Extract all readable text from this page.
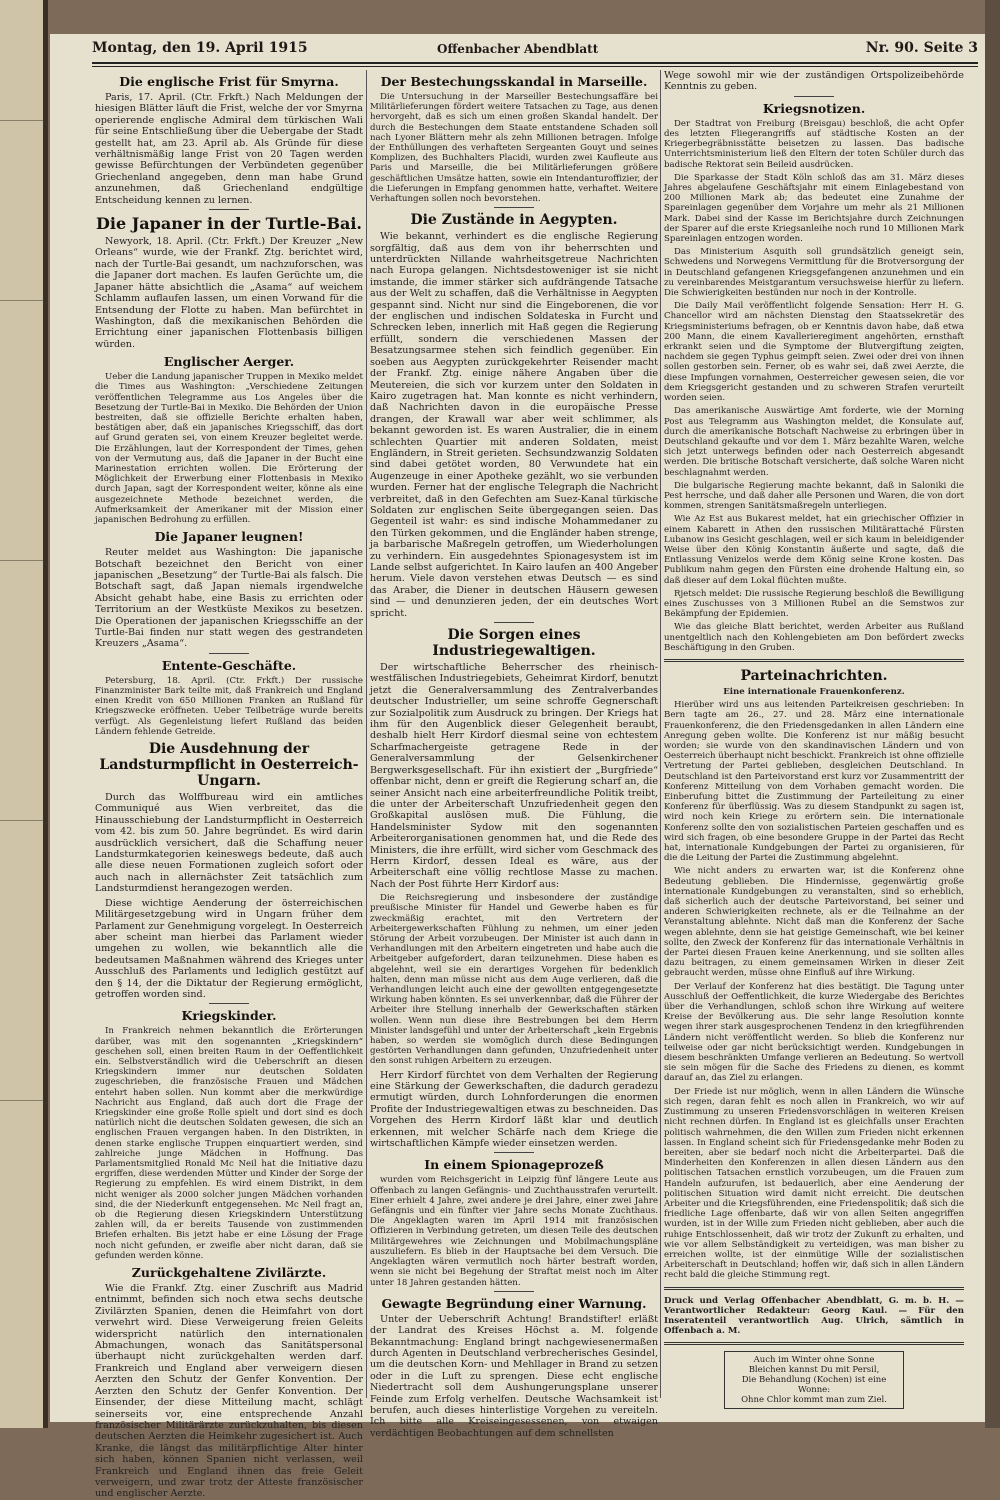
Montag, den 19. April 1915	Offenbacher Abendblatt	Nr. 90. Seite 3
Die englische Frist für Smyrna.

Paris, 17. April. (Ctr. Frkft.) Nach Meldungen der hiesigen Blätter läuft die Frist, welche der vor Smyrna operierende englische Admiral dem türkischen Wali für seine Entschließung über die Uebergabe der Stadt gestellt hat, am 23. April ab. Als Gründe für diese verhältnismäßig lange Frist von 20 Tagen werden gewisse Befürchtungen der Verbündeten gegenüber Griechenland angegeben, denn man habe Grund anzunehmen, daß Griechenland endgültige Entscheidung kennen zu lernen.

Die Japaner in der Turtle-Bai.

Newyork, 18. April. (Ctr. Frkft.) Der Kreuzer „New Orleans“ wurde, wie der Frankf. Ztg. berichtet wird, nach der Turtle-Bai gesandt, um nachzuforschen, was die Japaner dort machen. Es laufen Gerüchte um, die Japaner hätte absichtlich die „Asama“ auf weichem Schlamm auflaufen lassen, um einen Vorwand für die Entsendung der Flotte zu haben. Man befürchtet in Washington, daß die mexikanischen Behörden die Errichtung einer japanischen Flottenbasis billigen würden.

Englischer Aerger.

Ueber die Landung japanischer Truppen in Mexiko meldet die Times aus Washington: „Verschiedene Zeitungen veröffentlichen Telegramme aus Los Angeles über die Besetzung der Turtle-Bai in Mexiko. Die Behörden der Union bestreiten, daß sie offizielle Berichte erhalten haben, bestätigen aber, daß ein japanisches Kriegsschiff, das dort auf Grund geraten sei, von einem Kreuzer begleitet werde. Die Erzählungen, laut der Korrespondent der Times, gehen von der Vermutung aus, daß die Japaner in der Bucht eine Marinestation errichten wollen. Die Erörterung der Möglichkeit der Erwerbung einer Flottenbasis in Mexiko durch Japan, sagt der Korrespondent weiter, könne als eine ausgezeichnete Methode bezeichnet werden, die Aufmerksamkeit der Amerikaner mit der Mission einer japanischen Bedrohung zu erfüllen.

Die Japaner leugnen!

Reuter meldet aus Washington: Die japanische Botschaft bezeichnet den Bericht von einer japanischen „Besetzung“ der Turtle-Bai als falsch. Die Botschaft sagt, daß Japan niemals irgendwelche Absicht gehabt habe, eine Basis zu errichten oder Territorium an der Westküste Mexikos zu besetzen. Die Operationen der japanischen Kriegsschiffe an der Turtle-Bai finden nur statt wegen des gestrandeten Kreuzers „Asama“.

Entente-Geschäfte.

Petersburg, 18. April. (Ctr. Frkft.) Der russische Finanzminister Bark teilte mit, daß Frankreich und England einen Kredit von 650 Millionen Franken an Rußland für Kriegszwecke eröffneten. Ueber Teilbeträge wurde bereits verfügt. Als Gegenleistung liefert Rußland das beiden Ländern fehlende Getreide.

Die Ausdehnung der Landsturmpflicht in Oesterreich-Ungarn.

Durch das Wolffbureau wird ein amtliches Communiqué aus Wien verbreitet, das die Hinausschiebung der Landsturmpflicht in Oesterreich vom 42. bis zum 50. Jahre begründet. Es wird darin ausdrücklich versichert, daß die Schaffung neuer Landsturmkategorien keineswegs bedeute, daß auch alle diese neuen Formationen zugleich sofort oder auch nach in allernächster Zeit tatsächlich zum Landsturmdienst herangezogen werden.

Diese wichtige Aenderung der österreichischen Militärgesetzgebung wird in Ungarn früher dem Parlament zur Genehmigung vorgelegt. In Oesterreich aber scheint man hierbei das Parlament wieder umgehen zu wollen, wie bekanntlich alle die bedeutsamen Maßnahmen während des Krieges unter Ausschluß des Parlaments und lediglich gestützt auf den § 14, der die Diktatur der Regierung ermöglicht, getroffen worden sind.

Kriegskinder.

In Frankreich nehmen bekanntlich die Erörterungen darüber, was mit den sogenannten „Kriegskindern“ geschehen soll, einen breiten Raum in der Oeffentlichkeit ein. Selbstverständlich wird die Ueberschrift an diesen Kriegskindern immer nur deutschen Soldaten zugeschrieben, die französische Frauen und Mädchen entehrt haben sollen. Nun kommt aber die merkwürdige Nachricht aus England, daß auch dort die Frage der Kriegskinder eine große Rolle spielt und dort sind es doch natürlich nicht die deutschen Soldaten gewesen, die sich an englischen Frauen vergangen haben. In den Distrikten, in denen starke englische Truppen einquartiert werden, sind zahlreiche junge Mädchen in Hoffnung. Das Parlamentsmitglied Ronald Mc Neil hat die Initiative dazu ergriffen, diese werdenden Mütter und Kinder der Sorge der Regierung zu empfehlen. Es wird einem Distrikt, in dem nicht weniger als 2000 solcher jungen Mädchen vorhanden sind, die der Niederkunft entgegensehen. Mc Neil fragt an, ob die Regierung diesen Kriegskindern Unterstützung zahlen will, da er bereits Tausende von zustimmenden Briefen erhalten. Bis jetzt habe er eine Lösung der Frage noch nicht gefunden, er zweifle aber nicht daran, daß sie gefunden werden könne.

Zurückgehaltene Zivilärzte.

Wie die Frankf. Ztg. einer Zuschrift aus Madrid entnimmt, befinden sich noch etwa sechs deutsche Zivilärzten Spanien, denen die Heimfahrt von dort verwehrt wird. Diese Verweigerung freien Geleits widerspricht natürlich den internationalen Abmachungen, wonach das Sanitätspersonal überhaupt nicht zurückgehalten werden darf. Frankreich und England aber verweigern diesen Aerzten den Schutz der Genfer Konvention. Der Aerzten den Schutz der Genfer Konvention. Der Einsender, der diese Mitteilung macht, schlägt seinerseits vor, eine entsprechende Anzahl französischer Militärärzte zurückzuhalten, bis diesen deutschen Aerzten die Heimkehr zugesichert ist. Auch Kranke, die längst das militärpflichtige Alter hinter sich haben, können Spanien nicht verlassen, weil Frankreich und England ihnen das freie Geleit verweigern, und zwar trotz der Atteste französischer und englischer Aerzte.

Der Bestechungsskandal in Marseille.

Die Untersuchung in der Marseiller Bestechungsaffäre bei Militärlieferungen fördert weitere Tatsachen zu Tage, aus denen hervorgeht, daß es sich um einen großen Skandal handelt. Der durch die Bestechungen dem Staate entstandene Schaden soll nach Lyoner Blättern mehr als zehn Millionen betragen. Infolge der Enthüllungen des verhafteten Sergeanten Gouyt und seines Komplizen, des Buchhalters Placidi, wurden zwei Kaufleute aus Paris und Marseille, die bei Militärlieferungen größere geschäftlichen Umsätze hatten, sowie ein Intendanturoffizier, der die Lieferungen in Empfang genommen hatte, verhaftet. Weitere Verhaftungen sollen noch bevorstehen.

Die Zustände in Aegypten.

Wie bekannt, verhindert es die englische Regierung sorgfältig, daß aus dem von ihr beherrschten und unterdrückten Nillande wahrheitsgetreue Nachrichten nach Europa gelangen. Nichtsdestoweniger ist sie nicht imstande, die immer stärker sich aufdrängende Tatsache aus der Welt zu schaffen, daß die Verhältnisse in Aegypten gespannt sind. Nicht nur sind die Eingeborenen, die vor der englischen und indischen Soldateska in Furcht und Schrecken leben, innerlich mit Haß gegen die Regierung erfüllt, sondern die verschiedenen Massen der Besatzungsarmee stehen sich feindlich gegenüber. Ein soeben aus Aegypten zurückgekehrter Reisender macht der Frankf. Ztg. einige nähere Angaben über die Meutereien, die sich vor kurzem unter den Soldaten in Kairo zugetragen hat. Man konnte es nicht verhindern, daß Nachrichten davon in die europäische Presse drangen, der Krawall war aber weit schlimmer, als bekannt geworden ist. Es waren Australier, die in einem schlechten Quartier mit anderen Soldaten, meist Engländern, in Streit gerieten. Sechsundzwanzig Soldaten sind dabei getötet worden, 80 Verwundete hat ein Augenzeuge in einer Apotheke gezählt, wo sie verbunden wurden. Ferner hat der englische Telegraph die Nachricht verbreitet, daß in den Gefechten am Suez-Kanal türkische Soldaten zur englischen Seite übergegangen seien. Das Gegenteil ist wahr: es sind indische Mohammedaner zu den Türken gekommen, und die Engländer haben strenge, ja barbarische Maßregeln getroffen, um Wiederholungen zu verhindern. Ein ausgedehntes Spionagesystem ist im Lande selbst aufgerichtet. In Kairo laufen an 400 Angeber herum. Viele davon verstehen etwas Deutsch — es sind das Araber, die Diener in deutschen Häusern gewesen sind — und denunzieren jeden, der ein deutsches Wort spricht.

Die Sorgen eines Industriegewaltigen.

Der wirtschaftliche Beherrscher des rheinisch-westfälischen Industriegebiets, Geheimrat Kirdorf, benutzt jetzt die Generalversammlung des Zentralverbandes deutscher Industrieller, um seine schroffe Gegnerschaft zur Sozialpolitik zum Ausdruck zu bringen. Der Kriegs hat ihm für den Augenblick dieser Gelegenheit beraubt, deshalb hielt Herr Kirdorf diesmal seine von echtestem Scharfmachergeiste getragene Rede in der Generalversammlung der Gelsenkirchener Bergwerksgesellschaft. Für ihn existiert der „Burgfriede“ offenbar nicht, denn er greift die Regierung scharf an, die seiner Ansicht nach eine arbeiterfreundliche Politik treibt, die unter der Arbeiterschaft Unzufriedenheit gegen den Großkapital auslösen muß. Die Fühlung, die Handelsminister Sydow mit den sogenannten Arbeiterorganisationen genommen hat, und die Rede des Ministers, die ihre erfüllt, wird sicher vom Geschmack des Herrn Kirdorf, dessen Ideal es wäre, aus der Arbeiterschaft eine völlig rechtlose Masse zu machen. Nach der Post führte Herr Kirdorf aus:

Die Reichsregierung und insbesondere der zuständige preußische Minister für Handel und Gewerbe haben es für zweckmäßig erachtet, mit den Vertretern der Arbeitergewerkschaften Fühlung zu nehmen, um einer jeden Störung der Arbeit vorzubeugen. Der Minister ist auch dann in Verhandlungen mit den Arbeitern eingetreten und habe auch die Arbeitgeber aufgefordert, daran teilzunehmen. Diese haben es abgelehnt, weil sie ein derartiges Vorgehen für bedenklich halten, denn man müsse nicht aus dem Auge verlieren, daß die Verhandlungen leicht auch eine der gewollten entgegengesetzte Wirkung haben könnten. Es sei unverkennbar, daß die Führer der Arbeiter ihre Stellung innerhalb der Gewerkschaften stärken wollen. Wenn nun diese ihre Bestrebungen bei dem Herrn Minister landsgefühl und unter der Arbeiterschaft „kein Ergebnis haben, so werden sie womöglich durch diese Bedingungen gestörten Verhandlungen dann gefunden, Unzufriedenheit unter den sonst ruhigen Arbeitern zu erzeugen.

Herr Kirdorf fürchtet von dem Verhalten der Regierung eine Stärkung der Gewerkschaften, die dadurch geradezu ermutigt würden, durch Lohnforderungen die enormen Profite der Industriegewaltigen etwas zu beschneiden. Das Vorgehen des Herrn Kirdorf läßt klar und deutlich erkennen, mit welcher Schärfe nach dem Kriege die wirtschaftlichen Kämpfe wieder einsetzen werden.

In einem Spionageprozeß

wurden vom Reichsgericht in Leipzig fünf längere Leute aus Offenbach zu langen Gefängnis- und Zuchthausstrafen verurteilt. Einer erhielt 4 Jahre, zwei andere je drei Jahre, einer zwei Jahre Gefängnis und ein fünfter vier Jahre sechs Monate Zuchthaus. Die Angeklagten waren im April 1914 mit französischen Offizieren in Verbindung getreten, um diesen Teile des deutschen Militärgewehres wie Zeichnungen und Mobilmachungspläne auszuliefern. Es blieb in der Hauptsache bei dem Versuch. Die Angeklagten wären vermutlich noch härter bestraft worden, wenn sie nicht bei Begehung der Straftat meist noch im Alter unter 18 Jahren gestanden hätten.

Gewagte Begründung einer Warnung.

Unter der Ueberschrift Achtung! Brandstifter! erläßt der Landrat des Kreises Höchst a. M. folgende Bekanntmachung: England bringt nachgewiesenermaßen durch Agenten in Deutschland verbrecherisches Gesindel, um die deutschen Korn- und Mehllager in Brand zu setzen oder in die Luft zu sprengen. Diese echt englische Niedertracht soll dem Aushungerungsplane unserer Feinde zum Erfolg verhelfen. Deutsche Wachsamkeit ist berufen, auch dieses hinterlistige Vorgehen zu vereiteln. Ich bitte alle Kreiseingesessenen, von etwaigen verdächtigen Beobachtungen auf dem schnellsten

Wege sowohl mir wie der zuständigen Ortspolizeibehörde Kenntnis zu geben.

Kriegsnotizen.

Der Stadtrat von Freiburg (Breisgau) beschloß, die acht Opfer des letzten Fliegerangriffs auf städtische Kosten an der Kriegerbegräbnisstätte beisetzen zu lassen. Das badische Unterrichtsministerium ließ den Eltern der toten Schüler durch das badische Rektorat sein Beileid ausdrücken.

Die Sparkasse der Stadt Köln schloß das am 31. März dieses Jahres abgelaufene Geschäftsjahr mit einem Einlagebestand von 200 Millionen Mark ab; das bedeutet eine Zunahme der Spareinlagen gegenüber dem Vorjahre um mehr als 21 Millionen Mark. Dabei sind der Kasse im Berichtsjahre durch Zeichnungen der Sparer auf die erste Kriegsanleihe noch rund 10 Millionen Mark Spareinlagen entzogen worden.

Das Ministerium Asquith soll grundsätzlich geneigt sein, Schwedens und Norwegens Vermittlung für die Brotversorgung der in Deutschland gefangenen Kriegsgefangenen anzunehmen und ein zu vereinbarendes Meistgarantum versuchsweise hierfür zu liefern. Die Schwierigkeiten bestünden nur noch in der Kontrolle.

Die Daily Mail veröffentlicht folgende Sensation: Herr H. G. Chancellor wird am nächsten Dienstag den Staatssekretär des Kriegsministeriums befragen, ob er Kenntnis davon habe, daß etwa 200 Mann, die einem Kavallerieregiment angehörten, ernsthaft erkrankt seien und die Symptome der Blutvergiftung zeigten, nachdem sie gegen Typhus geimpft seien. Zwei oder drei von ihnen sollen gestorben sein. Ferner, ob es wahr sei, daß zwei Aerzte, die diese Impfungen vornahmen, Oesterreicher gewesen seien, die vor dem Kriegsgericht gestanden und zu schweren Strafen verurteilt worden seien.

Das amerikanische Auswärtige Amt forderte, wie der Morning Post aus Telegramm aus Washington meldet, die Konsulate auf, durch die amerikanische Botschaft Nachweise zu erbringen über in Deutschland gekaufte und vor dem 1. März bezahlte Waren, welche sich jetzt unterwegs befinden oder nach Oesterreich abgesandt werden. Die britische Botschaft versicherte, daß solche Waren nicht beschlagnahmt werden.

Die bulgarische Regierung machte bekannt, daß in Saloniki die Pest herrsche, und daß daher alle Personen und Waren, die von dort kommen, strengen Sanitätsmaßregeln unterliegen.

Wie Az Est aus Bukarest meldet, hat ein griechischer Offizier in einem Kabarett in Athen den russischen Militärattaché Fürsten Lubanow ins Gesicht geschlagen, weil er sich kaum in beleidigender Weise über den König Konstantin äußerte und sagte, daß die Entlassung Venizelos werde dem König seine Krone kosten. Das Publikum nahm gegen den Fürsten eine drohende Haltung ein, so daß dieser auf dem Lokal flüchten mußte.

Rjetsch meldet: Die russische Regierung beschloß die Bewilligung eines Zuschusses von 3 Millionen Rubel an die Semstwos zur Bekämpfung der Epidemien.

Wie das gleiche Blatt berichtet, werden Arbeiter aus Rußland unentgeltlich nach den Kohlengebieten am Don befördert zwecks Beschäftigung in den Gruben.

Parteinachrichten.

Eine internationale Frauenkonferenz.

Hierüber wird uns aus leitenden Parteikreisen geschrieben: In Bern tagte am 26., 27. und 28. März eine internationale Frauenkonferenz, die den Friedensgedanken in allen Ländern eine Anregung geben wollte. Die Konferenz ist nur mäßig besucht worden; sie wurde von den skandinavischen Ländern und von Oesterreich überhaupt nicht beschickt. Frankreich ist ohne offizielle Vertretung der Partei geblieben, desgleichen Deutschland. In Deutschland ist den Parteivorstand erst kurz vor Zusammentritt der Konferenz Mitteilung von dem Vorhaben gemacht worden. Die Einberufung bittet die Zustimmung der Parteileitung zu einer Konferenz für überflüssig. Was zu diesem Standpunkt zu sagen ist, wird noch kein Kriege zu erörtern sein. Die internationale Konferenz sollte den von sozialistischen Parteien geschaffen und es wird sich fragen, ob eine besondere Gruppe in der Partei das Recht hat, internationale Kundgebungen der Partei zu organisieren, für die die Leitung der Partei die Zustimmung abgelehnt.

Wie nicht anders zu erwarten war, ist die Konferenz ohne Bedeutung geblieben. Die Hindernisse, gegenwärtig große internationale Kundgebungen zu veranstalten, sind so erheblich, daß sicherlich auch der deutsche Parteivorstand, bei seiner und anderen Schwierigkeiten rechnete, als er die Teilnahme an der Veranstaltung ablehnte. Nicht daß man die Konferenz der Sache wegen ablehnte, denn sie hat geistige Gemeinschaft, wie bei keiner sollte, den Zweck der Konferenz für das internationale Verhältnis in der Partei diesen Frauen keine Anerkennung, und sie sollten alles dazu beitragen, zu einem gemeinsamen Wirken in dieser Zeit gebraucht werden, müsse ohne Einfluß auf ihre Wirkung.

Der Verlauf der Konferenz hat dies bestätigt. Die Tagung unter Ausschluß der Oeffentlichkeit, die kurze Wiedergabe des Berichtes über die Verhandlungen, schloß schon ihre Wirkung auf weitere Kreise der Bevölkerung aus. Die sehr lange Resolution konnte wegen ihrer stark ausgesprochenen Tendenz in den kriegführenden Ländern nicht veröffentlicht werden. So blieb die Konferenz nur teilweise oder gar nicht berücksichtigt werden. Kundgebungen in diesem beschränkten Umfange verlieren an Bedeutung. So wertvoll sie sein mögen für die Sache des Friedens zu dienen, es kommt darauf an, das Ziel zu erlangen.

Der Friede ist nur möglich, wenn in allen Ländern die Wünsche sich regen, daran fehlt es noch allen in Frankreich, wo wir auf Zustimmung zu unseren Friedensvorschlägen in weiteren Kreisen nicht rechnen dürfen. In England ist es gleichfalls unser Erachten politisch wahrnehmen, die den Willen zum Frieden nicht erkennen lassen. In England scheint sich für Friedensgedanke mehr Boden zu bereiten, aber sie bedarf noch nicht die Arbeiterpartei. Daß die Minderheiten den Konferenzen in allen diesen Ländern aus den politischen Tatsachen ernstlich vorzubeugen, um die Frauen zum Handeln aufzurufen, ist bedauerlich, aber eine Aenderung der politischen Situation wird damit nicht erreicht. Die deutschen Arbeiter und die Kriegsführenden, eine Friedenspolitik; daß sich die friedliche Lage offenbarte, daß wir von allen Seiten angegriffen wurden, ist in der Wille zum Frieden nicht geblieben, aber auch die ruhige Entschlossenheit, daß wir trotz der Zukunft zu erhalten, und wie vor allem Selbständigkeit zu verteidigen, was man bisher zu erreichen wollte, ist der einmütige Wille der sozialistischen Arbeiterschaft in Deutschland; hoffen wir, daß sich in allen Ländern recht bald die gleiche Stimmung regt.

Druck und Verlag Offenbacher Abendblatt, G. m. b. H. — Verantwortlicher Redakteur: Georg Kaul. — Für den Inseratenteil verantwortlich Aug. Ulrich, sämtlich in Offenbach a. M.

Auch im Winter ohne Sonne
Bleichen kannst Du mit Persil,
Die Behandlung (Kochen) ist eine Wonne:
Ohne Chlor kommt man zum Ziel.
